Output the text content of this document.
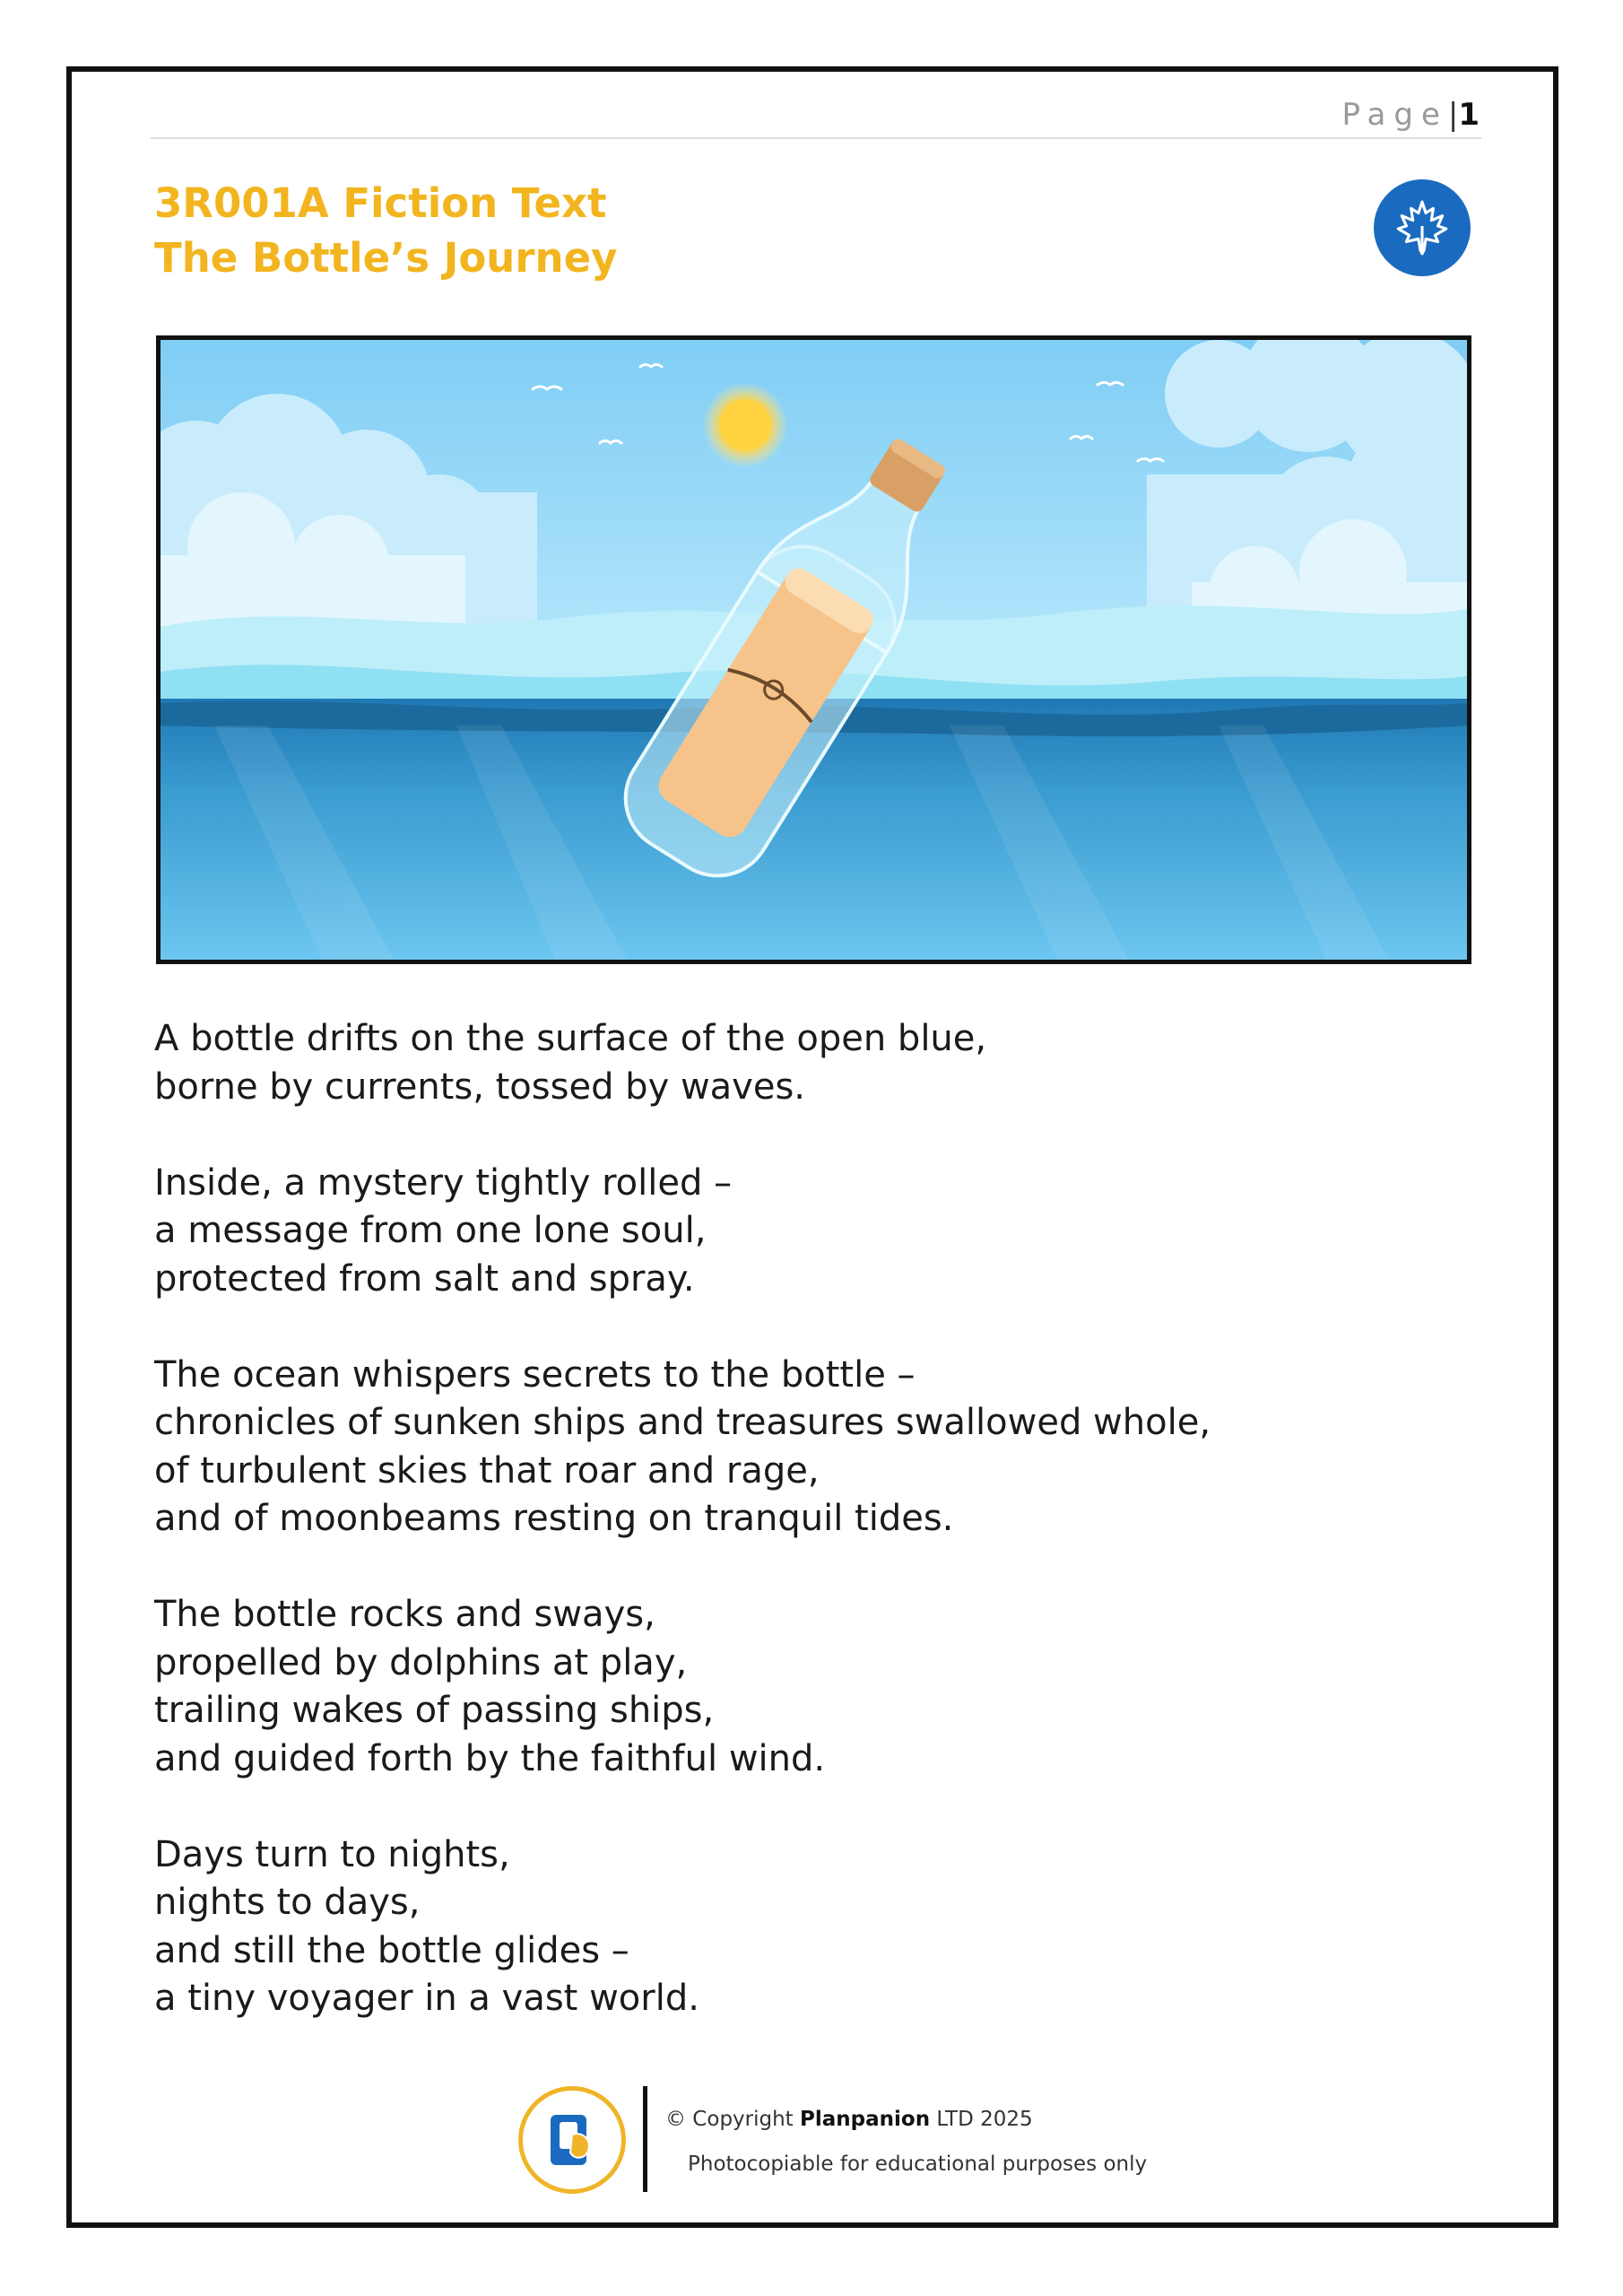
Page|1
3R001A Fiction Text
The Bottle’s Journey
A bottle drifts on the surface of the open blue,
borne by currents, tossed by waves.
Inside, a mystery tightly rolled –
a message from one lone soul,
protected from salt and spray.
The ocean whispers secrets to the bottle –
chronicles of sunken ships and treasures swallowed whole,
of turbulent skies that roar and rage,
and of moonbeams resting on tranquil tides.
The bottle rocks and sways,
propelled by dolphins at play,
trailing wakes of passing ships,
and guided forth by the faithful wind.
Days turn to nights,
nights to days,
and still the bottle glides –
a tiny voyager in a vast world.
© Copyright Planpanion LTD 2025
Photocopiable for educational purposes only
